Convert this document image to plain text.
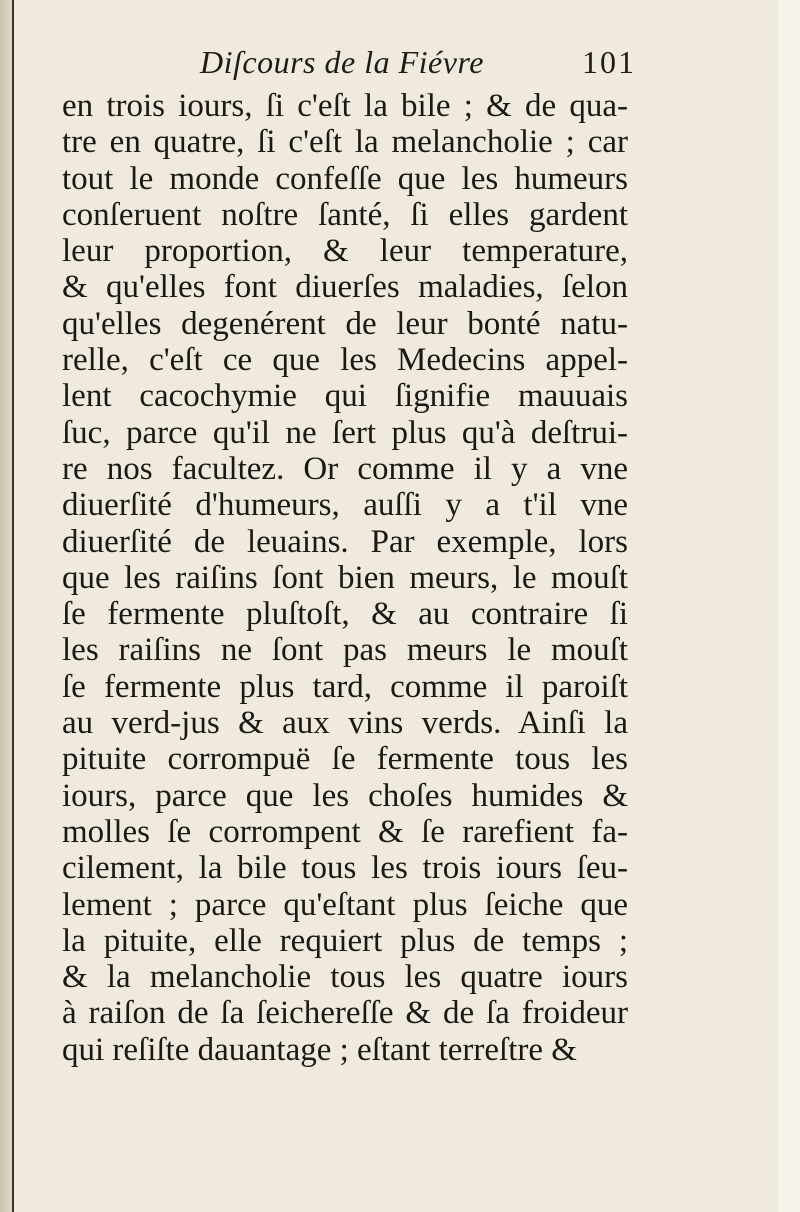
Diſcours de la Fiévre	101
en trois iours, ſi c'eſt la bile ; & de qua-
tre en quatre, ſi c'eſt la melancholie ; car
tout le monde confeſſe que les humeurs
conſeruent noſtre ſanté, ſi elles gardent
leur proportion, & leur temperature,
& qu'elles font diuerſes maladies, ſelon
qu'elles degenérent de leur bonté natu-
relle, c'eſt ce que les Medecins appel-
lent cacochymie qui ſignifie mauuais
ſuc, parce qu'il ne ſert plus qu'à deſtrui-
re nos facultez. Or comme il y a vne
diuerſité d'humeurs, auſſi y a t'il vne
diuerſité de leuains. Par exemple, lors
que les raiſins ſont bien meurs, le mouſt
ſe fermente pluſtoſt, & au contraire ſi
les raiſins ne ſont pas meurs le mouſt
ſe fermente plus tard, comme il paroiſt
au verd-jus & aux vins verds. Ainſi la
pituite corrompuë ſe fermente tous les
iours, parce que les choſes humides &
molles ſe corrompent & ſe rarefient fa-
cilement, la bile tous les trois iours ſeu-
lement ; parce qu'eſtant plus ſeiche que
la pituite, elle requiert plus de temps ;
& la melancholie tous les quatre iours
à raiſon de ſa ſeichereſſe & de ſa froideur
qui reſiſte dauantage ; eſtant terreſtre &
